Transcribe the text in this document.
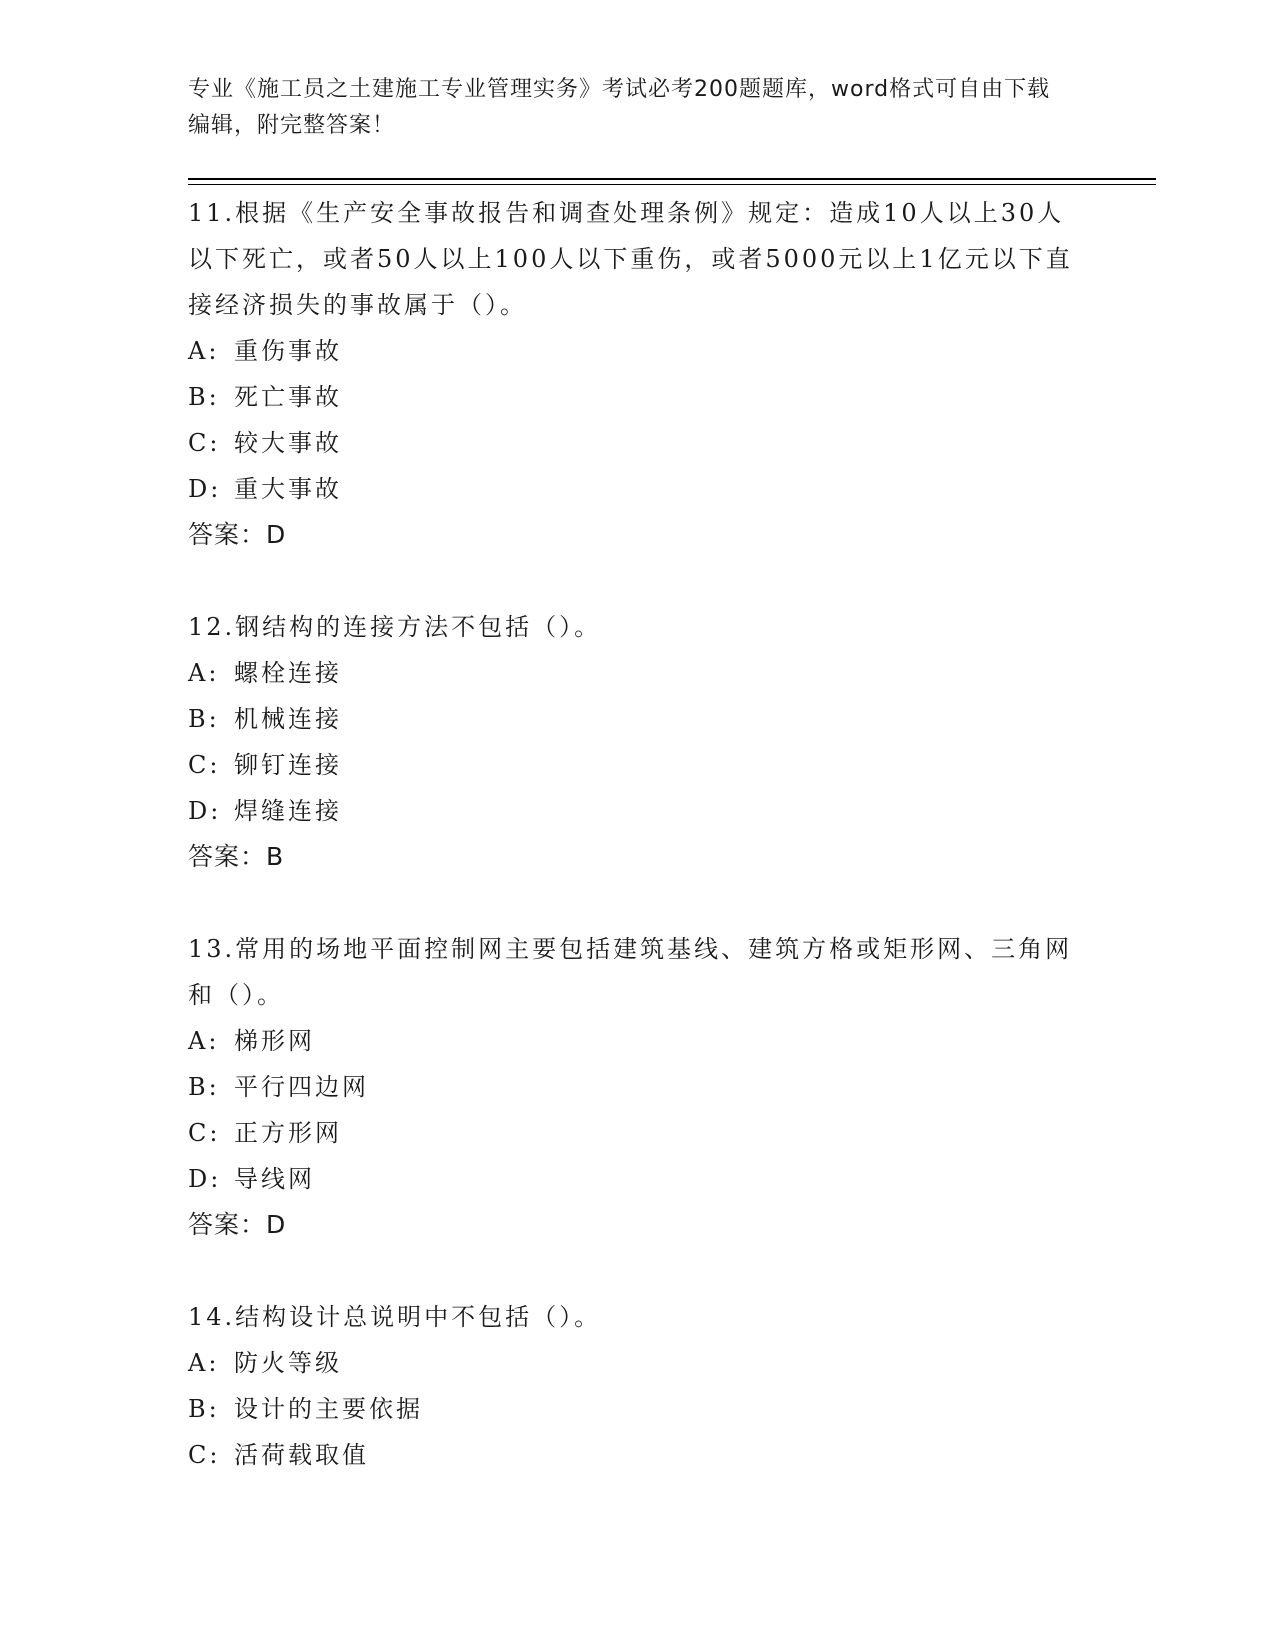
专业《施工员之土建施工专业管理实务》考试必考200题题库，word格式可自由下载编辑，附完整答案！

11.根据《生产安全事故报告和调查处理条例》规定：造成10人以上30人以下死亡，或者50人以上100人以下重伤，或者5000元以上1亿元以下直接经济损失的事故属于（）。

A: 重伤事故
B: 死亡事故
C: 较大事故
D: 重大事故
答案：D

12.钢结构的连接方法不包括（）。

A: 螺栓连接
B: 机械连接
C: 铆钉连接
D: 焊缝连接
答案：B

13.常用的场地平面控制网主要包括建筑基线、建筑方格或矩形网、三角网和（）。

A: 梯形网
B: 平行四边网
C: 正方形网
D: 导线网
答案：D

14.结构设计总说明中不包括（）。

A: 防火等级
B: 设计的主要依据
C: 活荷载取值
